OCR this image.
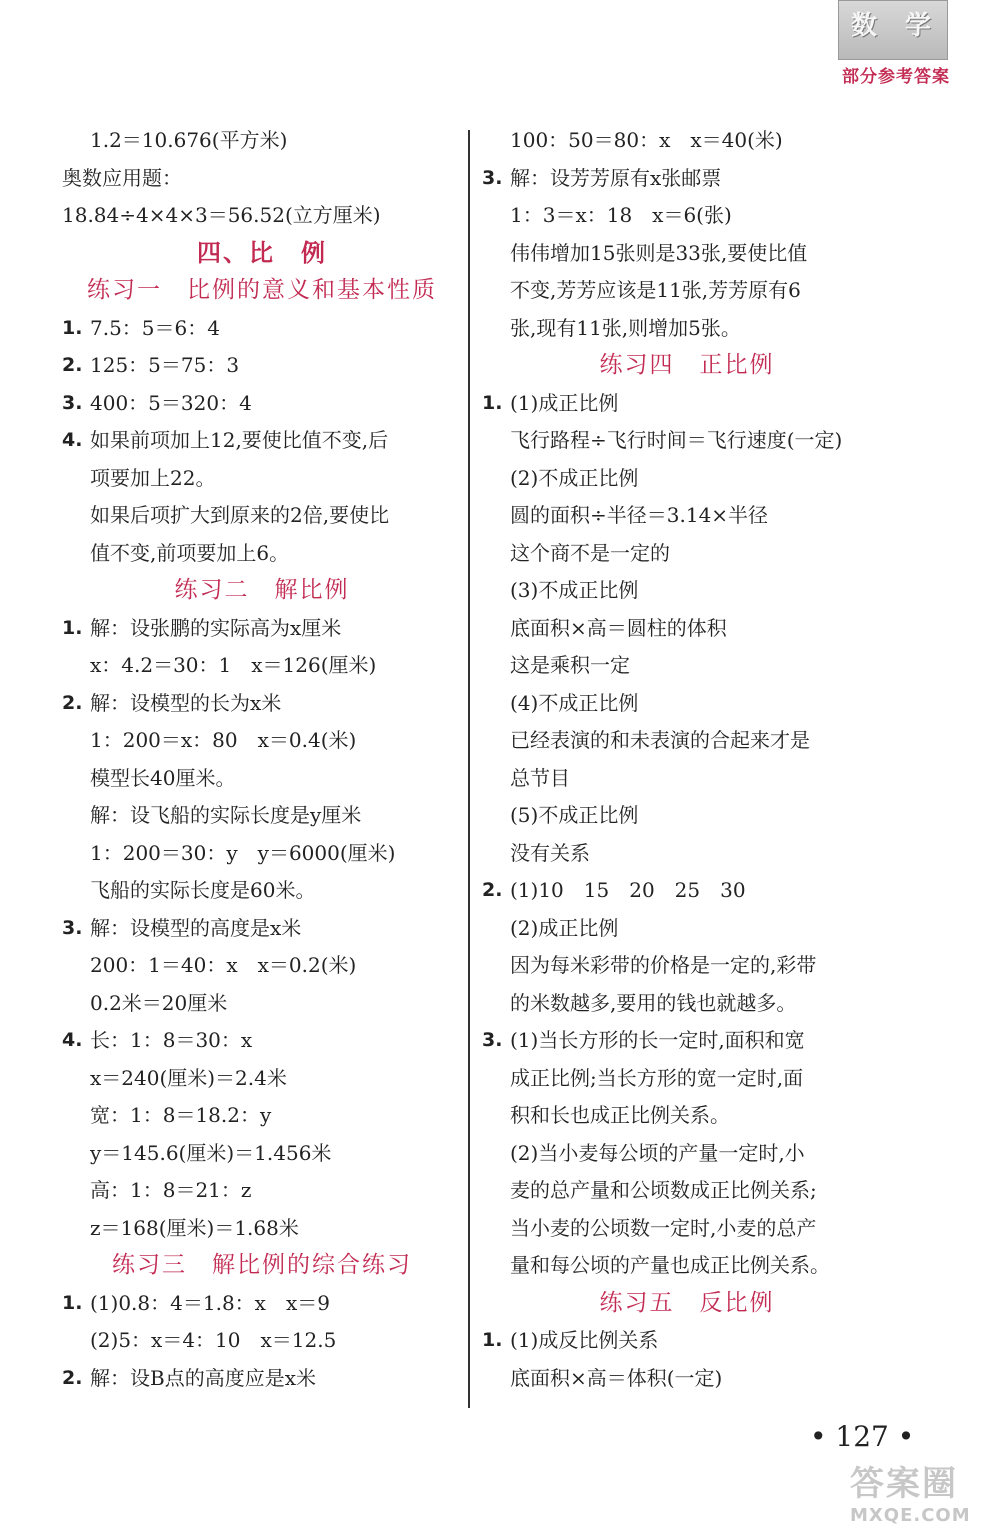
数 学
部分参考答案
1.2＝10.676(平方米)
奥数应用题：
18.84÷4×4×3＝56.52(立方厘米)
四、比　例
练习一　比例的意义和基本性质
1. 7.5：5＝6：4
2. 125：5＝75：3
3. 400：5＝320：4
4. 如果前项加上12,要使比值不变,后
项要加上22。
如果后项扩大到原来的2倍,要使比
值不变,前项要加上6。
练习二　解比例
1. 解：设张鹏的实际高为x厘米
x：4.2＝30：1　x＝126(厘米)
2. 解：设模型的长为x米
1：200＝x：80　x＝0.4(米)
模型长40厘米。
解：设飞船的实际长度是y厘米
1：200＝30：y　y＝6000(厘米)
飞船的实际长度是60米。
3. 解：设模型的高度是x米
200：1＝40：x　x＝0.2(米)
0.2米＝20厘米
4. 长：1：8＝30：x
x＝240(厘米)＝2.4米
宽：1：8＝18.2：y
y＝145.6(厘米)＝1.456米
高：1：8＝21：z
z＝168(厘米)＝1.68米
练习三　解比例的综合练习
1. (1)0.8：4＝1.8：x　x＝9
(2)5：x＝4：10　x＝12.5
2. 解：设B点的高度应是x米
100：50＝80：x　x＝40(米)
3. 解：设芳芳原有x张邮票
1：3＝x：18　x＝6(张)
伟伟增加15张则是33张,要使比值
不变,芳芳应该是11张,芳芳原有6
张,现有11张,则增加5张。
练习四　正比例
1. (1)成正比例
飞行路程÷飞行时间＝飞行速度(一定)
(2)不成正比例
圆的面积÷半径＝3.14×半径
这个商不是一定的
(3)不成正比例
底面积×高＝圆柱的体积
这是乘积一定
(4)不成正比例
已经表演的和未表演的合起来才是
总节目
(5)不成正比例
没有关系
2. (1)10　15　20　25　30
(2)成正比例
因为每米彩带的价格是一定的,彩带
的米数越多,要用的钱也就越多。
3. (1)当长方形的长一定时,面积和宽
成正比例;当长方形的宽一定时,面
积和长也成正比例关系。
(2)当小麦每公顷的产量一定时,小
麦的总产量和公顷数成正比例关系;
当小麦的公顷数一定时,小麦的总产
量和每公顷的产量也成正比例关系。
练习五　反比例
1. (1)成反比例关系
底面积×高＝体积(一定)
• 127 •
答案圈
MXQE.COM
